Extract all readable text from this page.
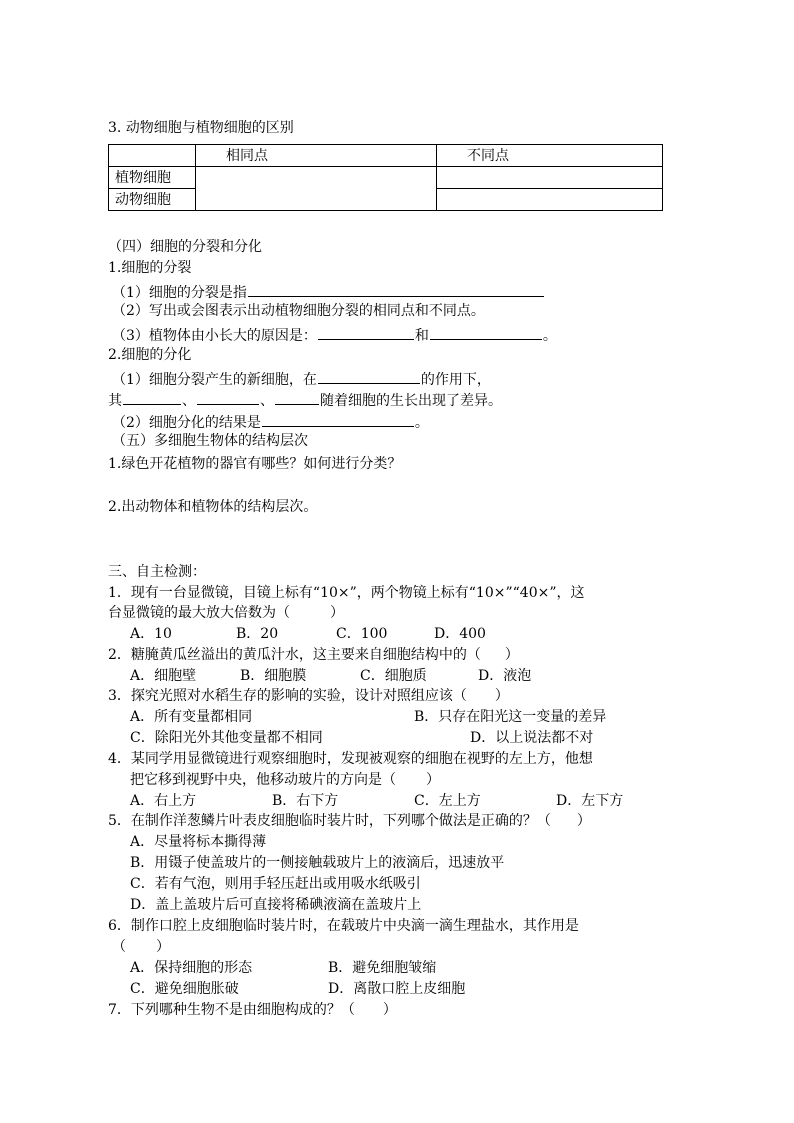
3. 动物细胞与植物细胞的区别
	相同点	不同点
植物细胞		
动物细胞		
（四）细胞的分裂和分化
1.细胞的分裂
（1）细胞的分裂是指
（2）写出或会图表示出动植物细胞分裂的相同点和不同点。
（3）植物体由小长大的原因是：	和	。
2.细胞的分化
（1）细胞分裂产生的新细胞，在	的作用下，
其	、	、	随着细胞的生长出现了差异。
（2）细胞分化的结果是	。
（五）多细胞生物体的结构层次
1.绿色开花植物的器官有哪些？如何进行分类？
2.出动物体和植物体的结构层次。
三、自主检测：
1．现有一台显微镜，目镜上标有“10×”，两个物镜上标有“10×”“40×”，这
台显微镜的最大放大倍数为（	）
A．10	B．20	C．100	D．400
2．糖腌黄瓜丝溢出的黄瓜汁水，这主要来自细胞结构中的（ ）
A．细胞壁	B．细胞膜	C．细胞质	D．液泡
3．探究光照对水稻生存的影响的实验，设计对照组应该（ ）
A．所有变量都相同	B．只存在阳光这一变量的差异
C．除阳光外其他变量都不相同	D．以上说法都不对
4．某同学用显微镜进行观察细胞时，发现被观察的细胞在视野的左上方，他想
把它移到视野中央，他移动玻片的方向是（ ）
A．右上方	B．右下方	C．左上方	D．左下方
5．在制作洋葱鳞片叶表皮细胞临时装片时，下列哪个做法是正确的？（ ）
A．尽量将标本撕得薄
B．用镊子使盖玻片的一侧接触载玻片上的液滴后，迅速放平
C．若有气泡，则用手轻压赶出或用吸水纸吸引
D．盖上盖玻片后可直接将稀碘液滴在盖玻片上
6．制作口腔上皮细胞临时装片时，在载玻片中央滴一滴生理盐水，其作用是
（ ）
A．保持细胞的形态	B．避免细胞皱缩
C．避免细胞胀破	D．离散口腔上皮细胞
7．下列哪种生物不是由细胞构成的？（ ）
